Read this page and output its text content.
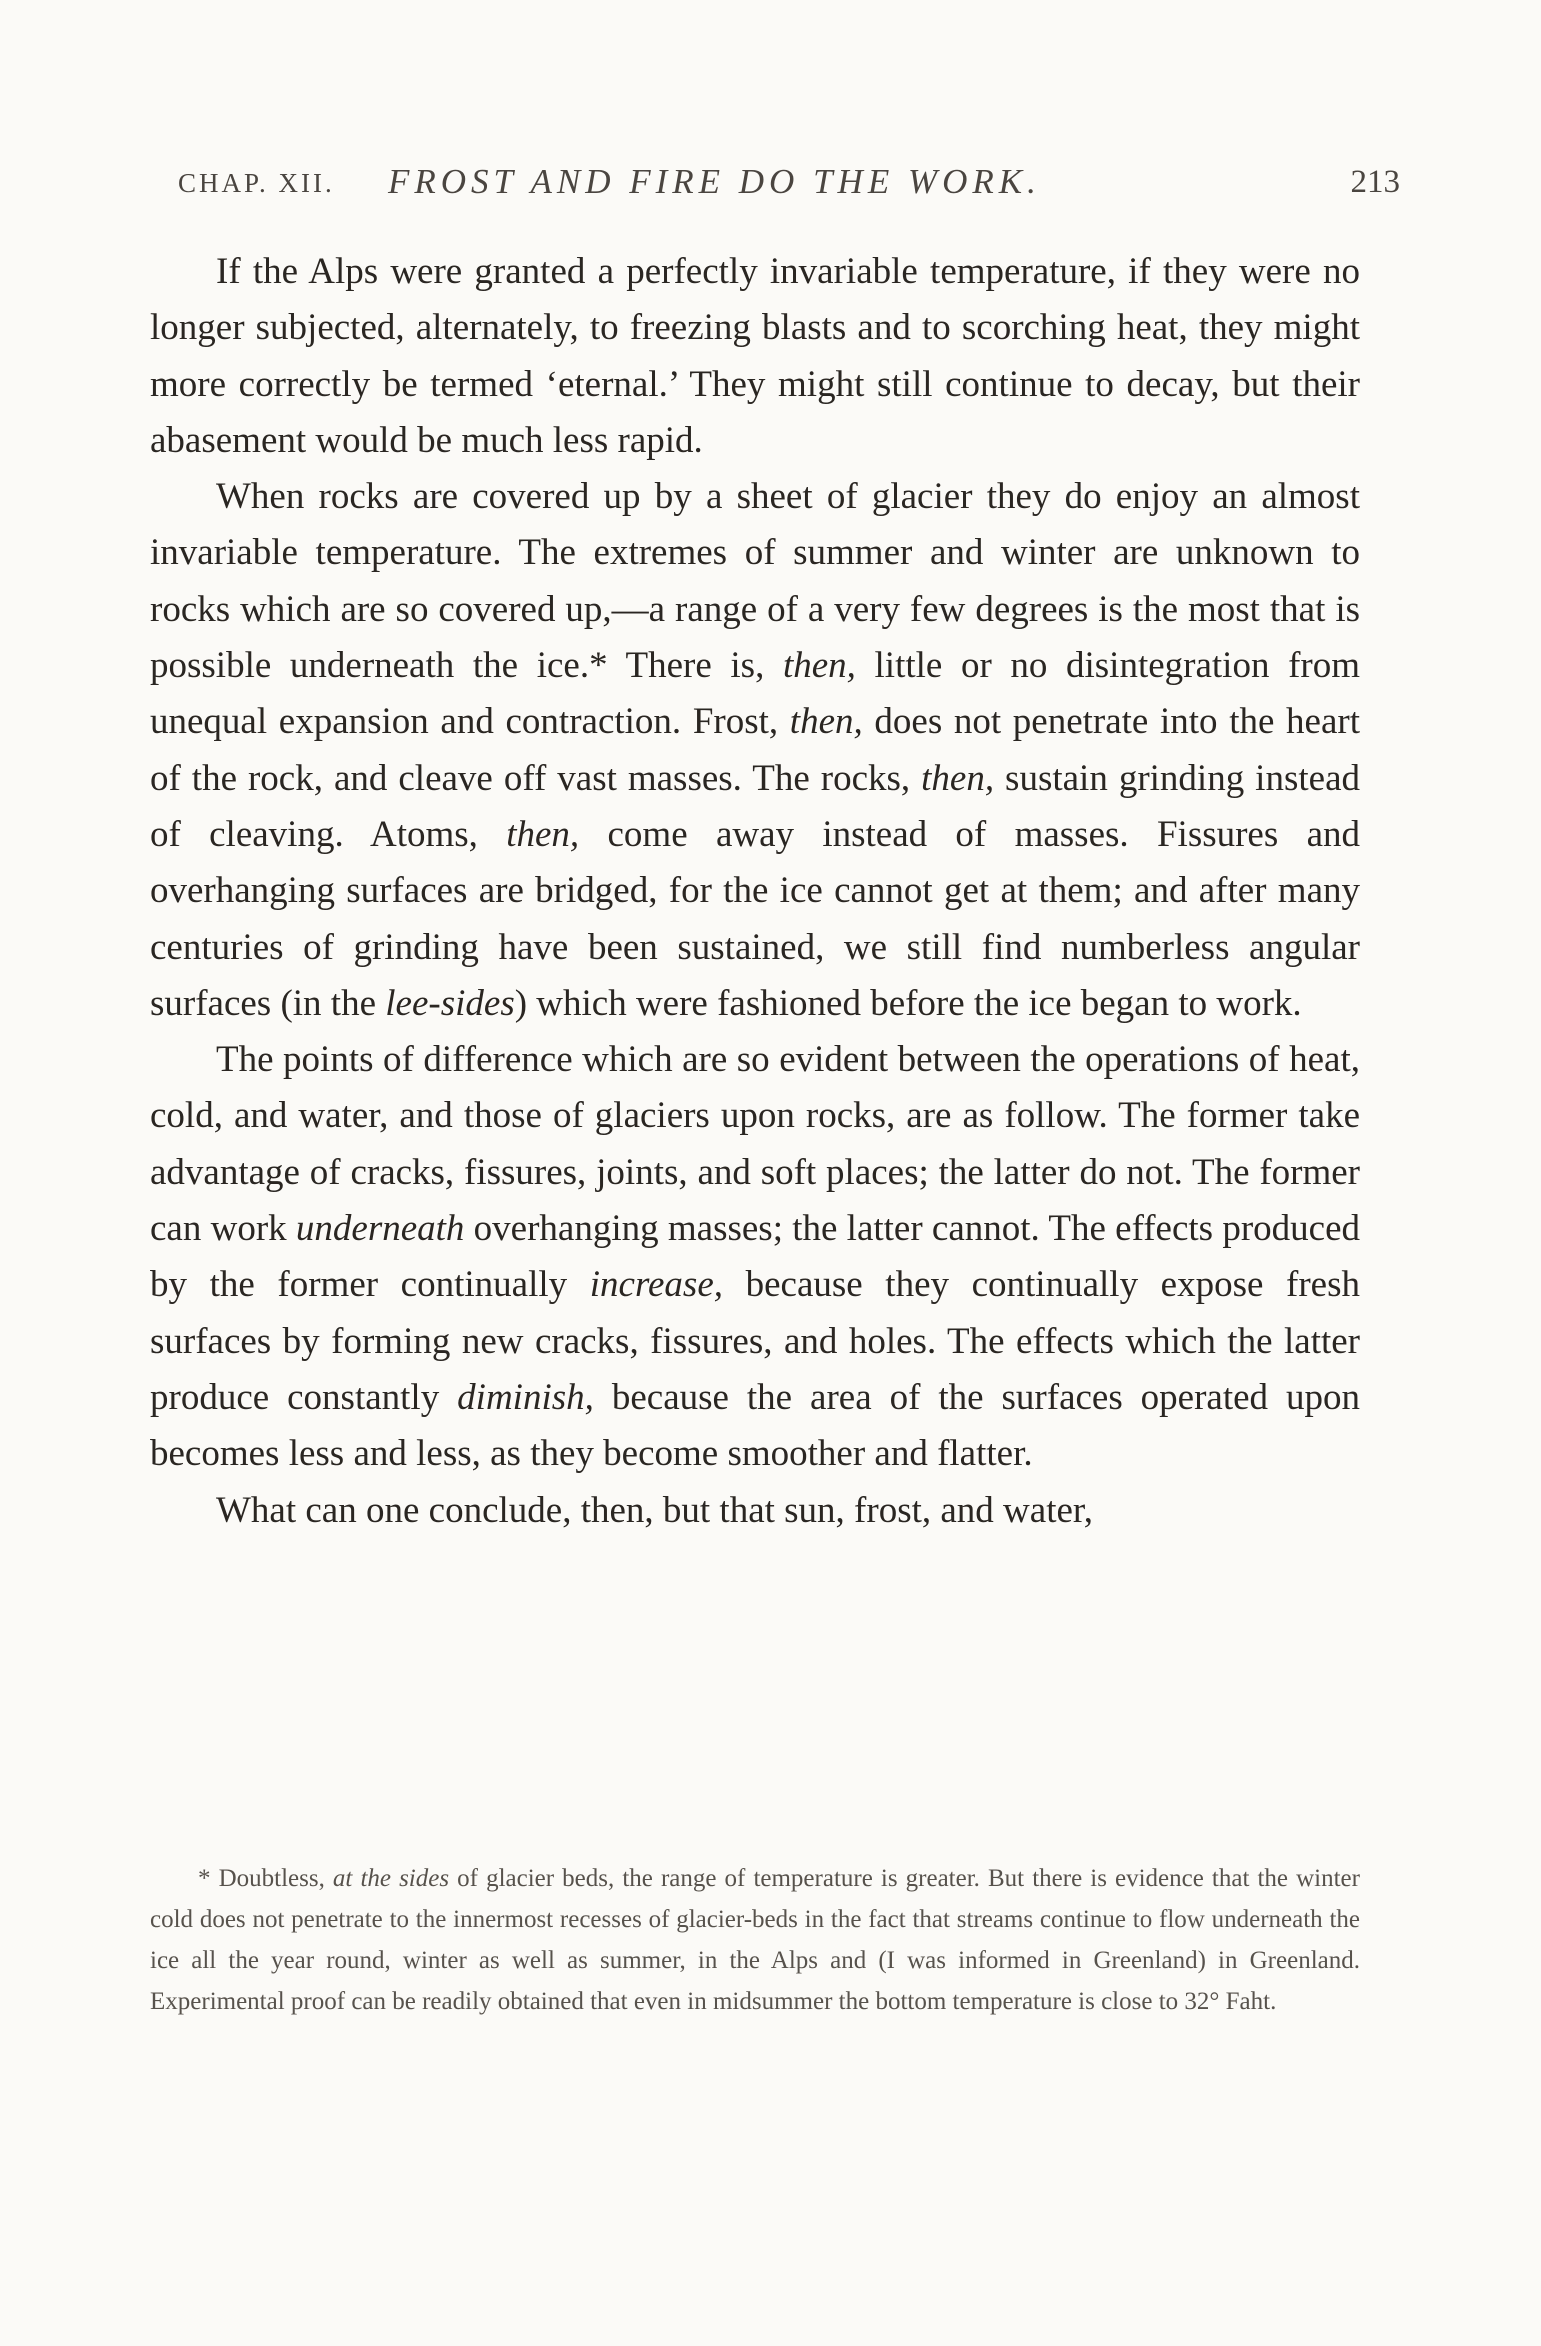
CHAP. XII. FROST AND FIRE DO THE WORK.	213

If the Alps were granted a perfectly invariable temperature, if they were no longer subjected, alternately, to freezing blasts and to scorching heat, they might more correctly be termed ‘eternal.’ They might still continue to decay, but their abasement would be much less rapid.

When rocks are covered up by a sheet of glacier they do enjoy an almost invariable temperature. The extremes of summer and winter are unknown to rocks which are so covered up,—a range of a very few degrees is the most that is possible underneath the ice.* There is, then, little or no disintegration from unequal expansion and contraction. Frost, then, does not penetrate into the heart of the rock, and cleave off vast masses. The rocks, then, sustain grinding instead of cleaving. Atoms, then, come away instead of masses. Fissures and overhanging surfaces are bridged, for the ice cannot get at them; and after many centuries of grinding have been sustained, we still find numberless angular surfaces (in the lee-sides) which were fashioned before the ice began to work.

The points of difference which are so evident between the operations of heat, cold, and water, and those of glaciers upon rocks, are as follow. The former take advantage of cracks, fissures, joints, and soft places; the latter do not. The former can work underneath overhanging masses; the latter cannot. The effects produced by the former continually increase, because they continually expose fresh surfaces by forming new cracks, fissures, and holes. The effects which the latter produce constantly diminish, because the area of the surfaces operated upon becomes less and less, as they become smoother and flatter.

What can one conclude, then, but that sun, frost, and water,

* Doubtless, at the sides of glacier beds, the range of temperature is greater. But there is evidence that the winter cold does not penetrate to the innermost recesses of glacier-beds in the fact that streams continue to flow underneath the ice all the year round, winter as well as summer, in the Alps and (I was informed in Greenland) in Greenland. Experimental proof can be readily obtained that even in midsummer the bottom temperature is close to 32° Faht.
